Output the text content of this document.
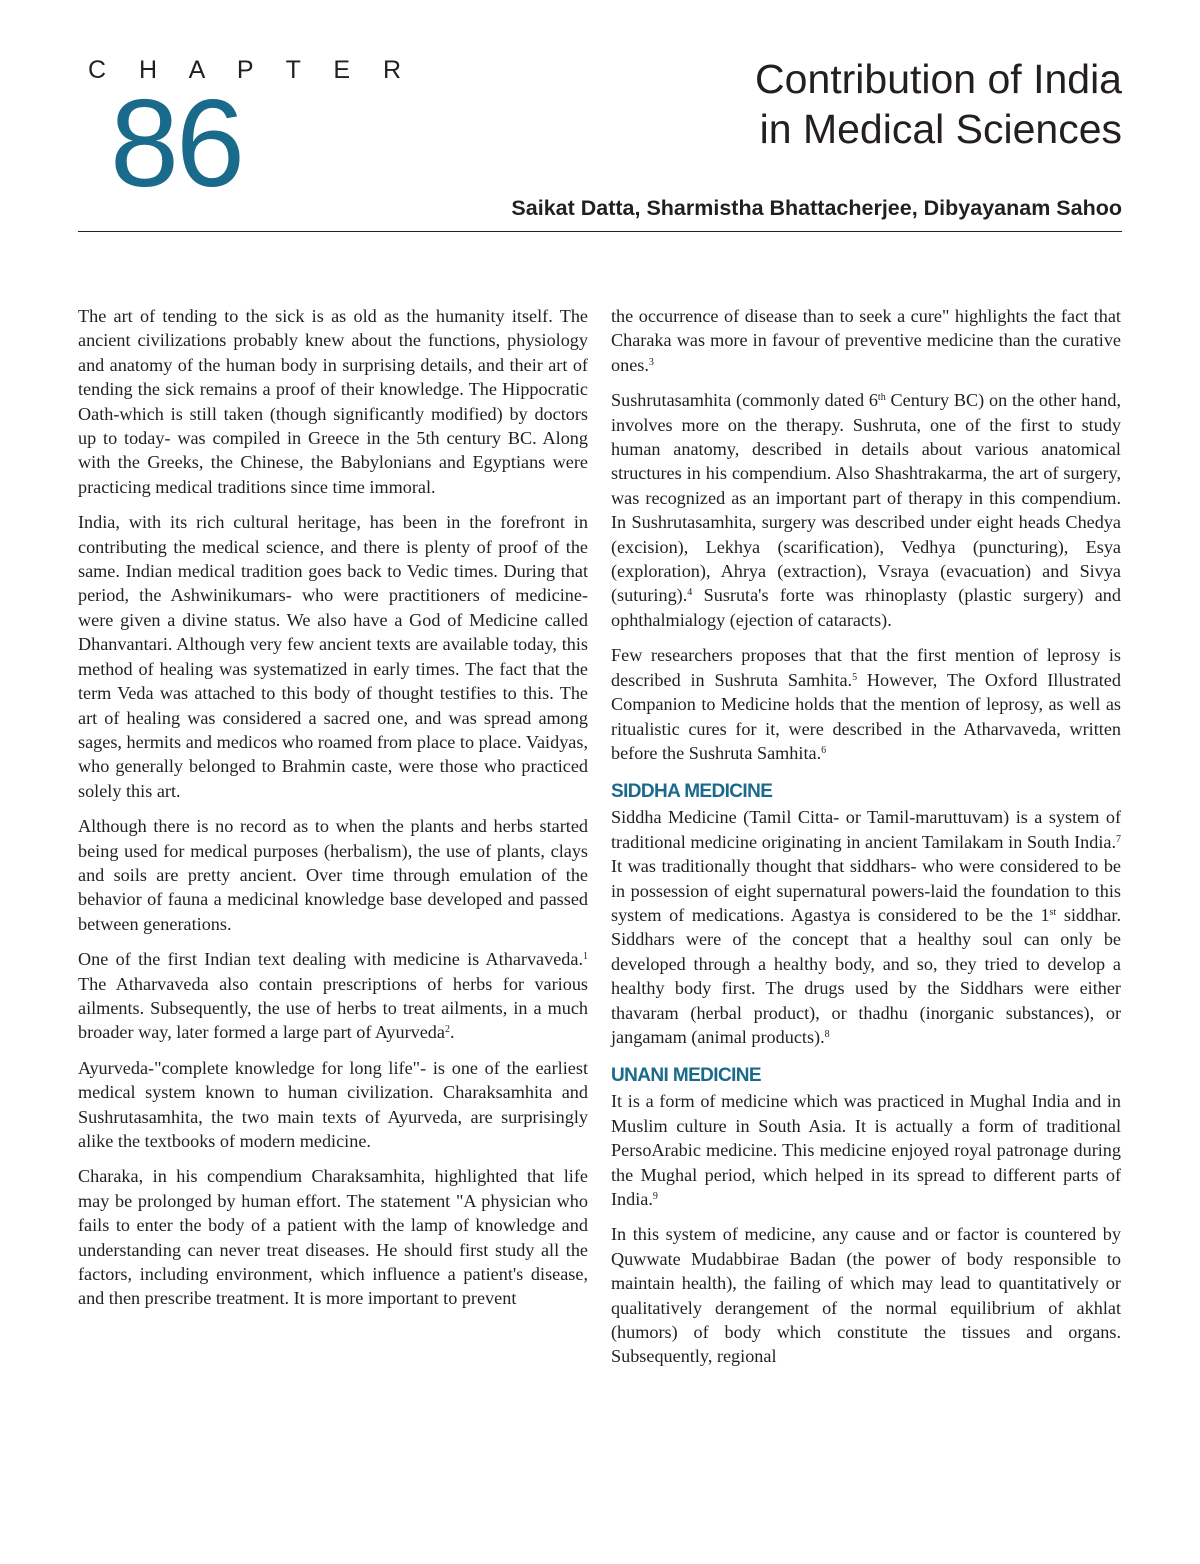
C H A P T E R
86	Contribution of India
in Medical Sciences
Saikat Datta, Sharmistha Bhattacherjee, Dibyayanam Sahoo

The art of tending to the sick is as old as the humanity itself. The ancient civilizations probably knew about the functions, physiology and anatomy of the human body in surprising details, and their art of tending the sick remains a proof of their knowledge. The Hippocratic Oath-which is still taken (though significantly modified) by doctors up to today- was compiled in Greece in the 5th century BC. Along with the Greeks, the Chinese, the Babylonians and Egyptians were practicing medical traditions since time immoral.

India, with its rich cultural heritage, has been in the forefront in contributing the medical science, and there is plenty of proof of the same. Indian medical tradition goes back to Vedic times. During that period, the Ashwinikumars- who were practitioners of medicine- were given a divine status. We also have a God of Medicine called Dhanvantari. Although very few ancient texts are available today, this method of healing was systematized in early times. The fact that the term Veda was attached to this body of thought testifies to this. The art of healing was considered a sacred one, and was spread among sages, hermits and medicos who roamed from place to place. Vaidyas, who generally belonged to Brahmin caste, were those who practiced solely this art.

Although there is no record as to when the plants and herbs started being used for medical purposes (herbalism), the use of plants, clays and soils are pretty ancient. Over time through emulation of the behavior of fauna a medicinal knowledge base developed and passed between generations.

One of the first Indian text dealing with medicine is Atharvaveda.$^1$ The Atharvaveda also contain prescriptions of herbs for various ailments. Subsequently, the use of herbs to treat ailments, in a much broader way, later formed a large part of Ayurveda$^2$.

Ayurveda-"complete knowledge for long life"- is one of the earliest medical system known to human civilization. Charaksamhita and Sushrutasamhita, the two main texts of Ayurveda, are surprisingly alike the textbooks of modern medicine.

Charaka, in his compendium Charaksamhita, highlighted that life may be prolonged by human effort. The statement "A physician who fails to enter the body of a patient with the lamp of knowledge and understanding can never treat diseases. He should first study all the factors, including environment, which influence a patient's disease, and then prescribe treatment. It is more important to prevent

the occurrence of disease than to seek a cure" highlights the fact that Charaka was more in favour of preventive medicine than the curative ones.$^3$

Sushrutasamhita (commonly dated 6th Century BC) on the other hand, involves more on the therapy. Sushruta, one of the first to study human anatomy, described in details about various anatomical structures in his compendium. Also Shashtrakarma, the art of surgery, was recognized as an important part of therapy in this compendium. In Sushrutasamhita, surgery was described under eight heads Chedya (excision), Lekhya (scarification), Vedhya (puncturing), Esya (exploration), Ahrya (extraction), Vsraya (evacuation) and Sivya (suturing).$^4$ Susruta's forte was rhinoplasty (plastic surgery) and ophthalmialogy (ejection of cataracts).

Few researchers proposes that that the first mention of leprosy is described in Sushruta Samhita.$^5$ However, The Oxford Illustrated Companion to Medicine holds that the mention of leprosy, as well as ritualistic cures for it, were described in the Atharvaveda, written before the Sushruta Samhita.$^6$

SIDDHA MEDICINE

Siddha Medicine (Tamil Citta- or Tamil-maruttuvam) is a system of traditional medicine originating in ancient Tamilakam in South India.$^7$ It was traditionally thought that siddhars- who were considered to be in possession of eight supernatural powers-laid the foundation to this system of medications. Agastya is considered to be the 1st siddhar. Siddhars were of the concept that a healthy soul can only be developed through a healthy body, and so, they tried to develop a healthy body first. The drugs used by the Siddhars were either thavaram (herbal product), or thadhu (inorganic substances), or jangamam (animal products).$^8$

UNANI MEDICINE

It is a form of medicine which was practiced in Mughal India and in Muslim culture in South Asia. It is actually a form of traditional PersoArabic medicine. This medicine enjoyed royal patronage during the Mughal period, which helped in its spread to different parts of India.$^9$

In this system of medicine, any cause and or factor is countered by Quwwate Mudabbirae Badan (the power of body responsible to maintain health), the failing of which may lead to quantitatively or qualitatively derangement of the normal equilibrium of akhlat (humors) of body which constitute the tissues and organs. Subsequently, regional
